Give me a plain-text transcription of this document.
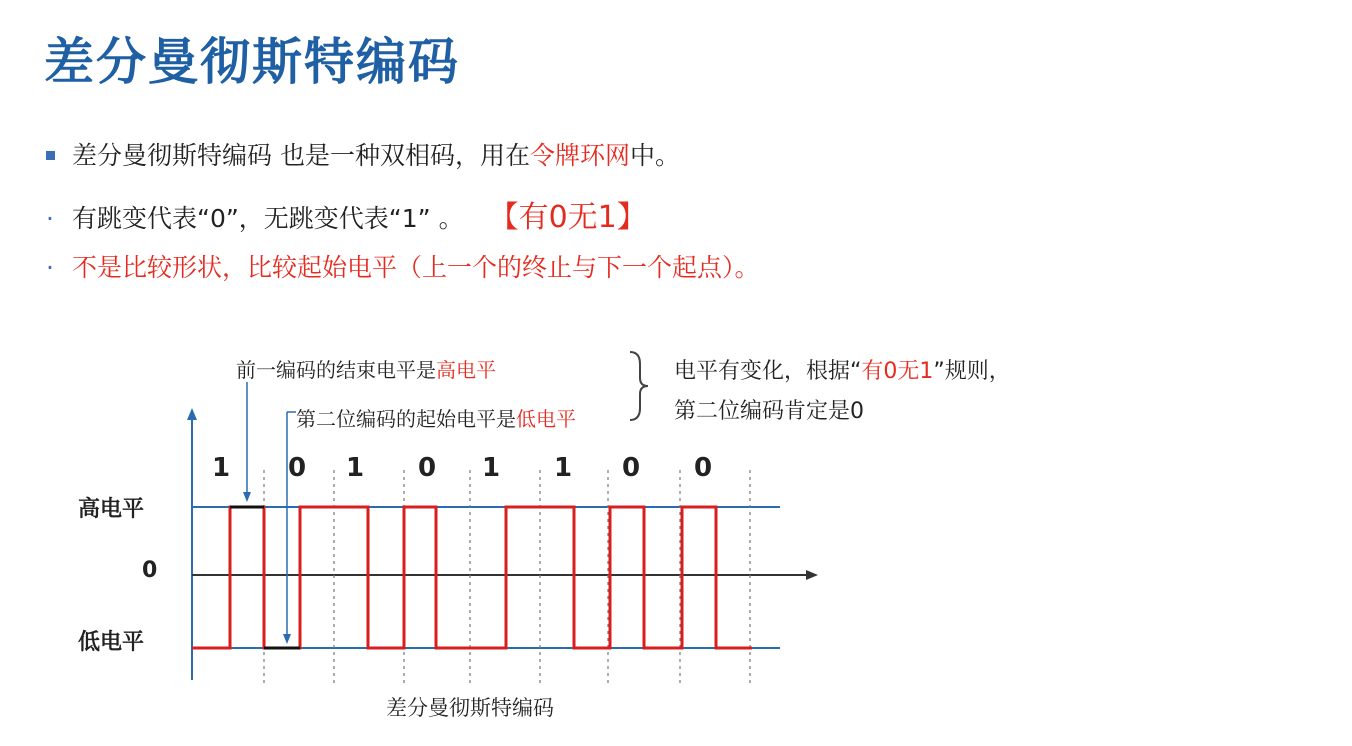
差分曼彻斯特编码
差分曼彻斯特编码 也是一种双相码，用在令牌环网中。
· 有跳变代表“0”，无跳变代表“1” 。 【有0无1】
· 不是比较形状，比较起始电平（上一个的终止与下一个起点）。
前一编码的结束电平是高电平
第二位编码的起始电平是低电平
电平有变化，根据“有0无1”规则，
第二位编码肯定是0
高电平
0
低电平
1 0 1 0 1 1 0 0
差分曼彻斯特编码
